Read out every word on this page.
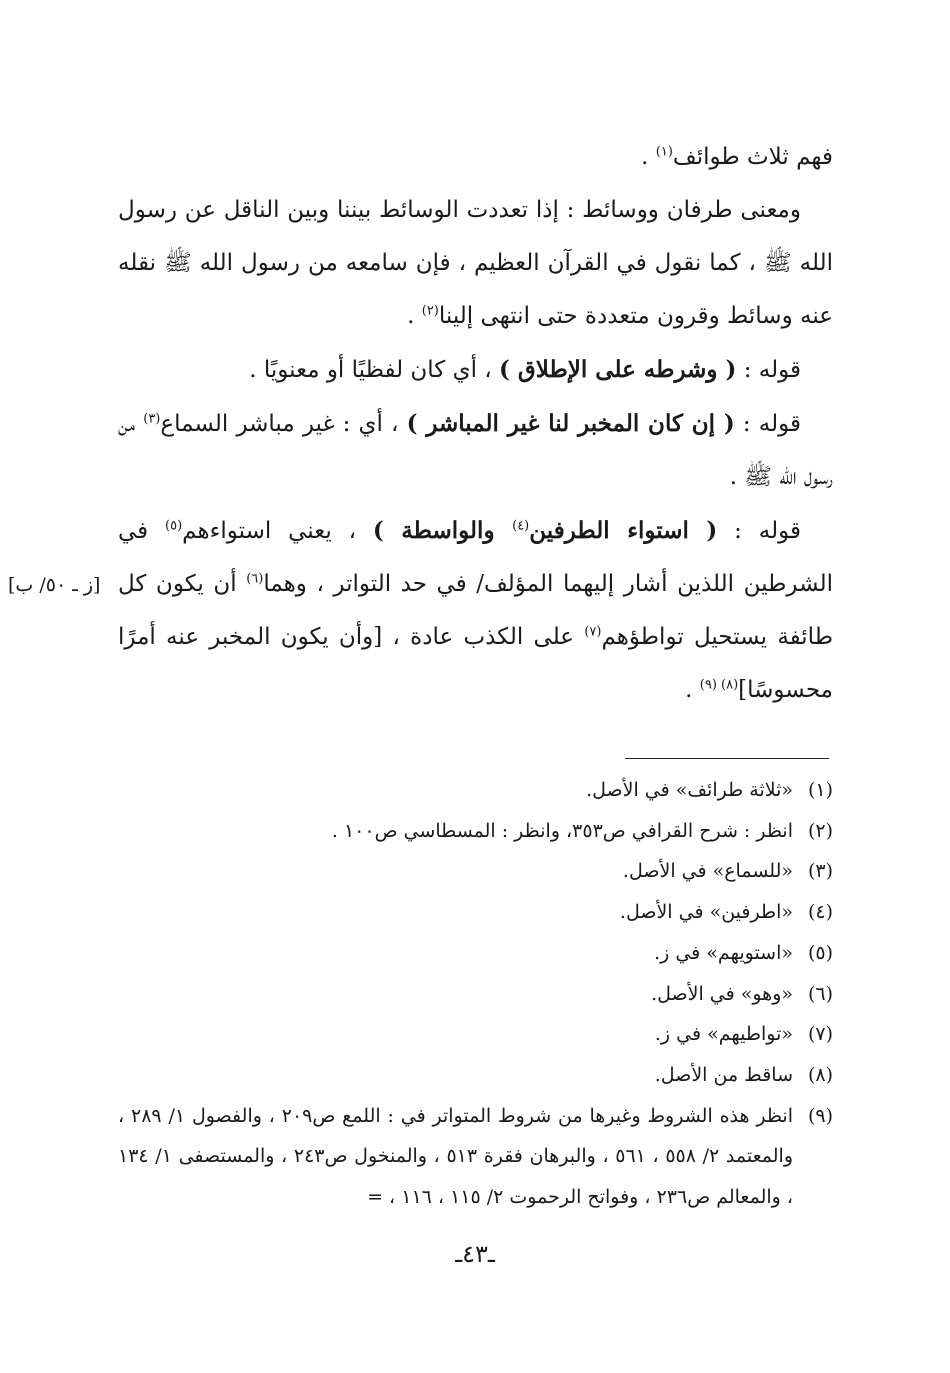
فهم ثلاث طوائف$^{(١)}$ .

ومعنى طرفان ووسائط : إذا تعددت الوسائط بيننا وبين الناقل عن رسول الله ﷺ ، كما نقول في القرآن العظيم ، فإن سامعه من رسول الله ﷺ نقله عنه وسائط وقرون متعددة حتى انتهى إلينا$^{(٢)}$ .

قوله : ( وشرطه على الإطلاق ) ، أي كان لفظيًا أو معنويًا .

قوله : ( إن كان المخبر لنا غير المباشر ) ، أي : غير مباشر السماع$^{(٣)}$ من رسول الله ﷺ .

قوله : ( استواء الطرفين$^{(٤)}$ والواسطة ) ، يعني استواءهم$^{(٥)}$ في الشرطين اللذين أشار إليهما المؤلف/ في حد التواتر ، وهما$^{(٦)}$ أن يكون كل طائفة يستحيل تواطؤهم$^{(٧)}$ على الكذب عادة ، [وأن يكون المخبر عنه أمرًا محسوسًا]$^{(٨) (٩)}$ .

[ز ـ ٥٠/ ب]
(١)
«ثلاثة طرائف» في الأصل.
(٢)
انظر : شرح القرافي ص٣٥٣، وانظر : المسطاسي ص١٠٠ .
(٣)
«للسماع» في الأصل.
(٤)
«اطرفين» في الأصل.
(٥)
«استويهم» في ز.
(٦)
«وهو» في الأصل.
(٧)
«تواطيهم» في ز.
(٨)
ساقط من الأصل.
(٩)
انظر هذه الشروط وغيرها من شروط المتواتر في : اللمع ص٢٠٩ ، والفصول ١/ ٢٨٩ ، والمعتمد ٢/ ٥٥٨ ، ٥٦١ ، والبرهان فقرة ٥١٣ ، والمنخول ص٢٤٣ ، والمستصفى ١/ ١٣٤ ، والمعالم ص٢٣٦ ، وفواتح الرحموت ٢/ ١١٥ ، ١١٦ ، =
ـ٤٣ـ
